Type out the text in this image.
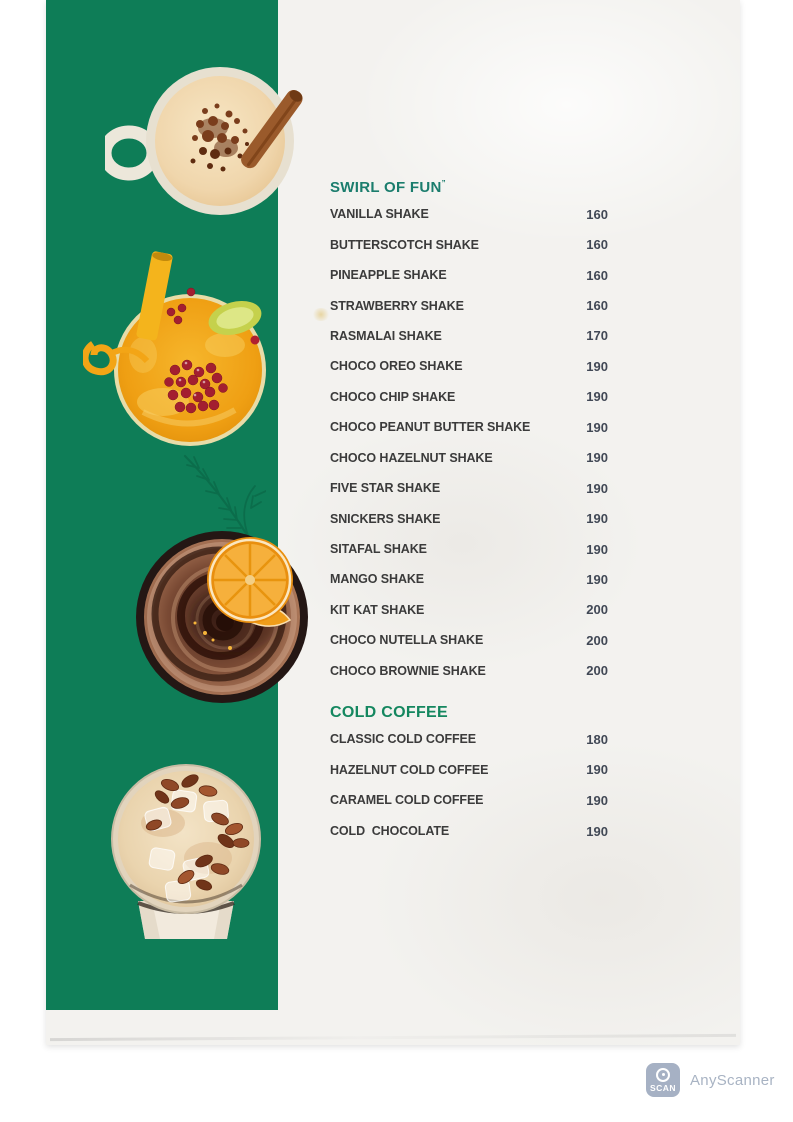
SWIRL OF FUN”
VANILLA SHAKE	160
BUTTERSCOTCH SHAKE	160
PINEAPPLE SHAKE	160
STRAWBERRY SHAKE	160
RASMALAI SHAKE	170
CHOCO OREO SHAKE	190
CHOCO CHIP SHAKE	190
CHOCO PEANUT BUTTER SHAKE	190
CHOCO HAZELNUT SHAKE	190
FIVE STAR SHAKE	190
SNICKERS SHAKE	190
SITAFAL SHAKE	190
MANGO SHAKE	190
KIT KAT SHAKE	200
CHOCO NUTELLA SHAKE	200
CHOCO BROWNIE SHAKE	200
COLD COFFEE
CLASSIC COLD COFFEE	180
HAZELNUT COLD COFFEE	190
CARAMEL COLD COFFEE	190
COLD  CHOCOLATE	190
SCAN AnyScanner
